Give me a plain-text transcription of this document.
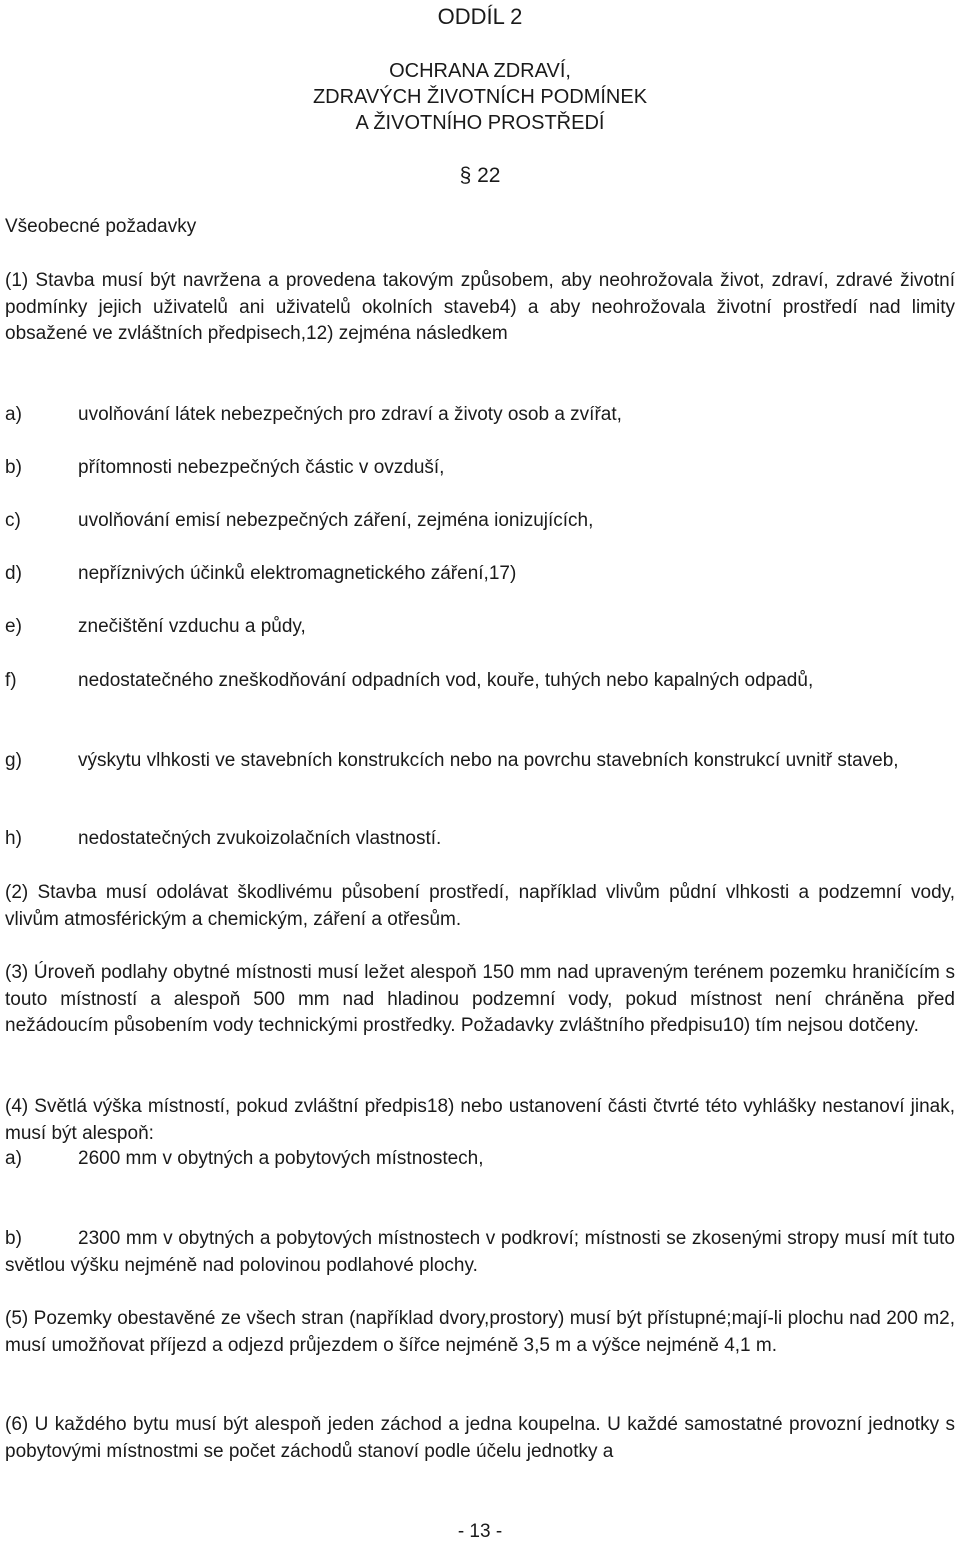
ODDÍL 2
OCHRANA ZDRAVÍ,
ZDRAVÝCH ŽIVOTNÍCH PODMÍNEK
A ŽIVOTNÍHO PROSTŘEDÍ
§ 22
Všeobecné požadavky
(1) Stavba musí být navržena a provedena takovým způsobem, aby neohrožovala život, zdraví, zdravé životní podmínky jejich uživatelů ani uživatelů okolních staveb4) a aby neohrožovala životní prostředí nad limity obsažené ve zvláštních předpisech,12) zejména následkem
a)	uvolňování látek nebezpečných pro zdraví a životy osob a zvířat,
b)	přítomnosti nebezpečných částic v ovzduší,
c)	uvolňování emisí nebezpečných záření, zejména ionizujících,
d)	nepříznivých účinků elektromagnetického záření,17)
e)	znečištění vzduchu a půdy,
f)	nedostatečného zneškodňování odpadních vod, kouře, tuhých nebo kapalných odpadů,
g)	výskytu vlhkosti ve stavebních konstrukcích nebo na povrchu stavebních konstrukcí uvnitř staveb,
h)	nedostatečných zvukoizolačních vlastností.
(2) Stavba musí odolávat škodlivému působení prostředí, například vlivům půdní vlhkosti a podzemní vody, vlivům atmosférickým a chemickým, záření a otřesům.
(3) Úroveň podlahy obytné místnosti musí ležet alespoň 150 mm nad upraveným terénem pozemku hraničícím s touto místností a alespoň 500 mm nad hladinou podzemní vody, pokud místnost není chráněna před nežádoucím působením vody technickými prostředky. Požadavky zvláštního předpisu10) tím nejsou dotčeny.
(4) Světlá výška místností, pokud zvláštní předpis18) nebo ustanovení části čtvrté této vyhlášky nestanoví jinak, musí být alespoň:
a)	2600 mm v obytných a pobytových místnostech,
b)	2300 mm v obytných a pobytových místnostech v podkroví; místnosti se zkosenými stropy musí mít tuto světlou výšku nejméně nad polovinou podlahové plochy.
(5) Pozemky obestavěné ze všech stran (například dvory,prostory) musí být přístupné;mají-li plochu nad 200 m2, musí umožňovat příjezd a odjezd průjezdem o šířce nejméně 3,5 m a výšce nejméně 4,1 m.
(6) U každého bytu musí být alespoň jeden záchod a jedna koupelna. U každé samostatné provozní jednotky s pobytovými místnostmi se počet záchodů stanoví podle účelu jednotky a
- 13 -
